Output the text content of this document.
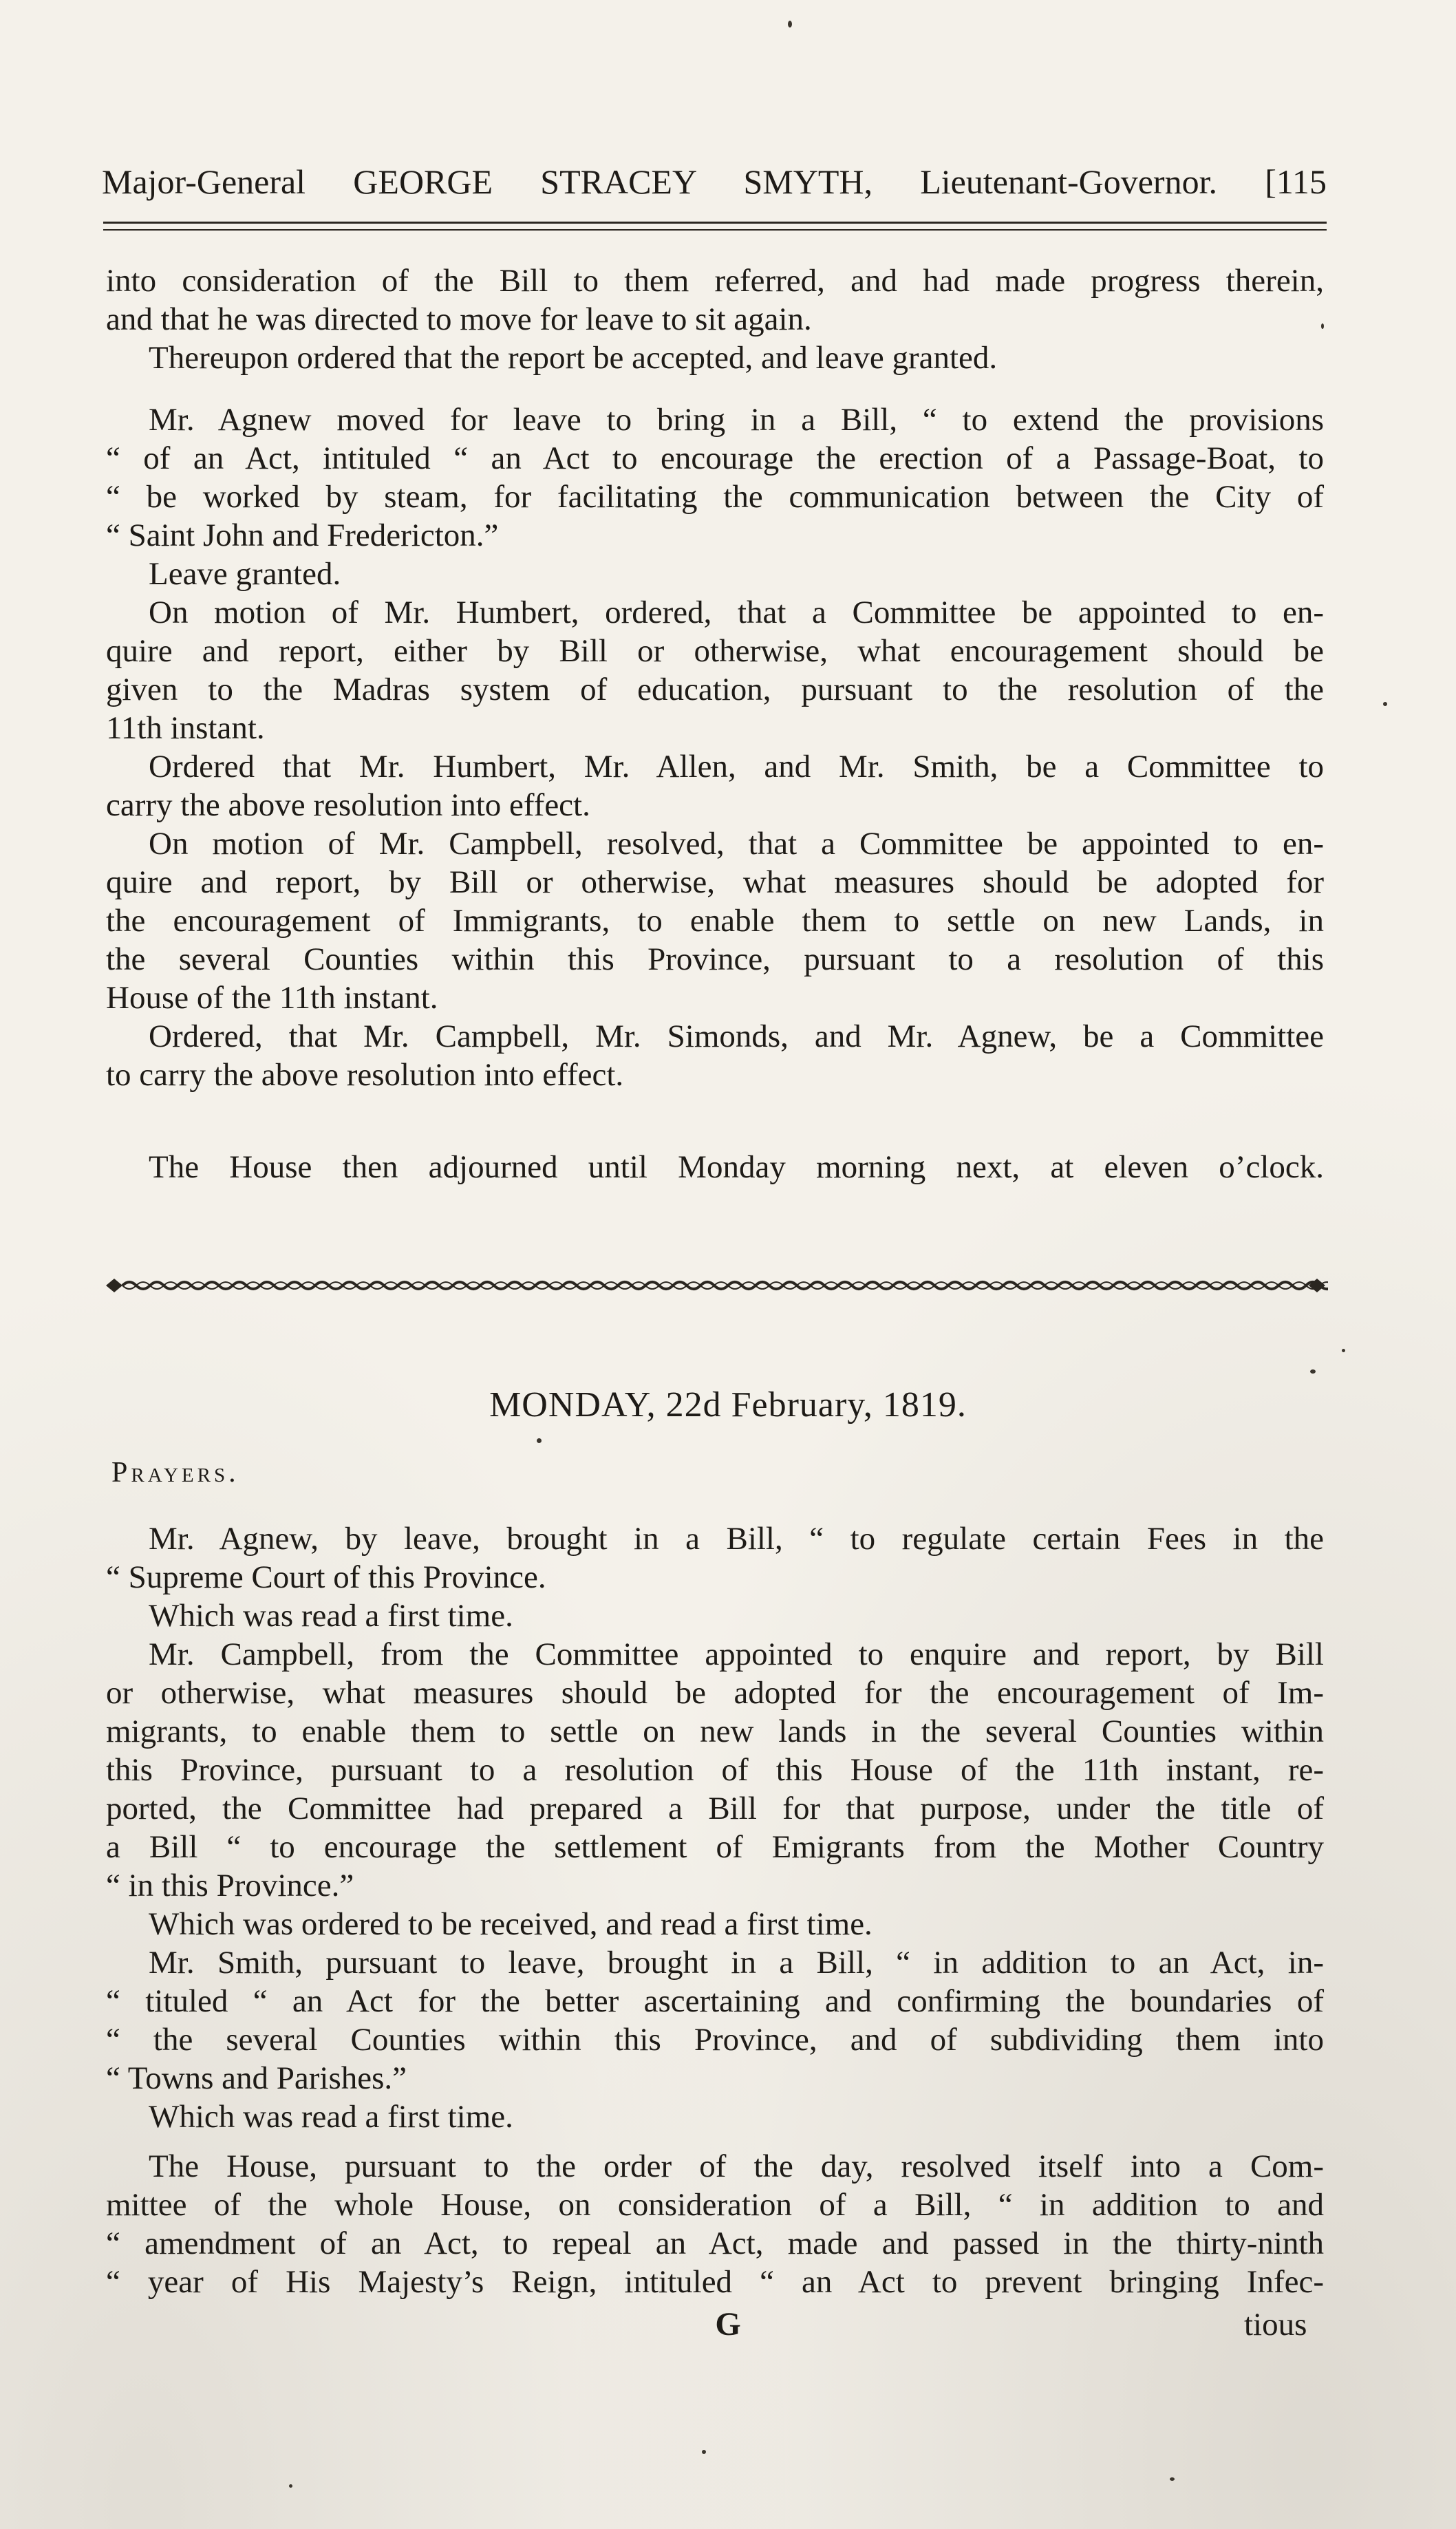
Major-General GEORGE STRACEY SMYTH, Lieutenant-Governor. [115
into consideration of the Bill to them referred, and had made progress therein,
and that he was directed to move for leave to sit again.
Thereupon ordered that the report be accepted, and leave granted.
Mr. Agnew moved for leave to bring in a Bill, “ to extend the provisions
“ of an Act, intituled “ an Act to encourage the erection of a Passage-Boat, to
“ be worked by steam, for facilitating the communication between the City of
“ Saint John and Fredericton.”
Leave granted.
On motion of Mr. Humbert, ordered, that a Committee be appointed to en-
quire and report, either by Bill or otherwise, what encouragement should be
given to the Madras system of education, pursuant to the resolution of the
11th instant.
Ordered that Mr. Humbert, Mr. Allen, and Mr. Smith, be a Committee to
carry the above resolution into effect.
On motion of Mr. Campbell, resolved, that a Committee be appointed to en-
quire and report, by Bill or otherwise, what measures should be adopted for
the encouragement of Immigrants, to enable them to settle on new Lands, in
the several Counties within this Province, pursuant to a resolution of this
House of the 11th instant.
Ordered, that Mr. Campbell, Mr. Simonds, and Mr. Agnew, be a Committee
to carry the above resolution into effect.
The House then adjourned until Monday morning next, at eleven o’clock.
MONDAY, 22d February, 1819.
Prayers.
Mr. Agnew, by leave, brought in a Bill, “ to regulate certain Fees in the
“ Supreme Court of this Province.
Which was read a first time.
Mr. Campbell, from the Committee appointed to enquire and report, by Bill
or otherwise, what measures should be adopted for the encouragement of Im-
migrants, to enable them to settle on new lands in the several Counties within
this Province, pursuant to a resolution of this House of the 11th instant, re-
ported, the Committee had prepared a Bill for that purpose, under the title of
a Bill “ to encourage the settlement of Emigrants from the Mother Country
“ in this Province.”
Which was ordered to be received, and read a first time.
Mr. Smith, pursuant to leave, brought in a Bill, “ in addition to an Act, in-
“ tituled “ an Act for the better ascertaining and confirming the boundaries of
“ the several Counties within this Province, and of subdividing them into
“ Towns and Parishes.”
Which was read a first time.
The House, pursuant to the order of the day, resolved itself into a Com-
mittee of the whole House, on consideration of a Bill, “ in addition to and
“ amendment of an Act, to repeal an Act, made and passed in the thirty-ninth
“ year of His Majesty’s Reign, intituled “ an Act to prevent bringing Infec-
G	tious
